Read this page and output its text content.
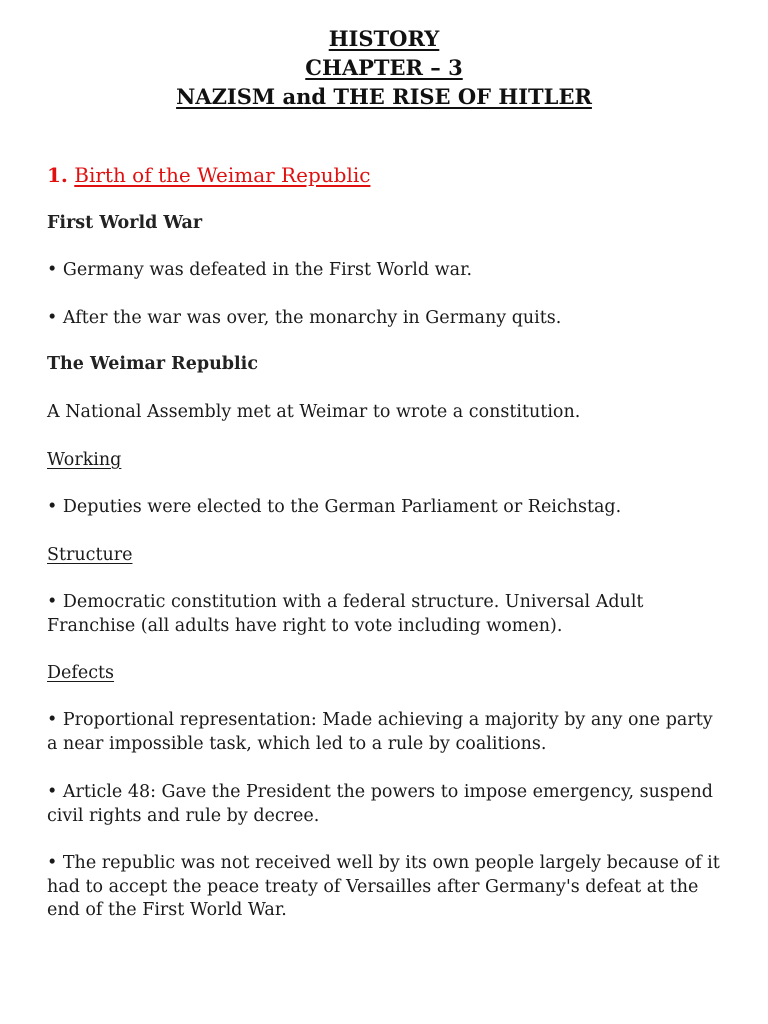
HISTORY
CHAPTER – 3
NAZISM and THE RISE OF HITLER
1. Birth of the Weimar Republic
First World War
• Germany was defeated in the First World war.
• After the war was over, the monarchy in Germany quits.
The Weimar Republic
A National Assembly met at Weimar to wrote a constitution.
Working
• Deputies were elected to the German Parliament or Reichstag.
Structure
• Democratic constitution with a federal structure. Universal Adult Franchise (all adults have right to vote including women).
Defects
• Proportional representation: Made achieving a majority by any one party a near impossible task, which led to a rule by coalitions.
• Article 48: Gave the President the powers to impose emergency, suspend civil rights and rule by decree.
• The republic was not received well by its own people largely because of it had to accept the peace treaty of Versailles after Germany's defeat at the end of the First World War.
